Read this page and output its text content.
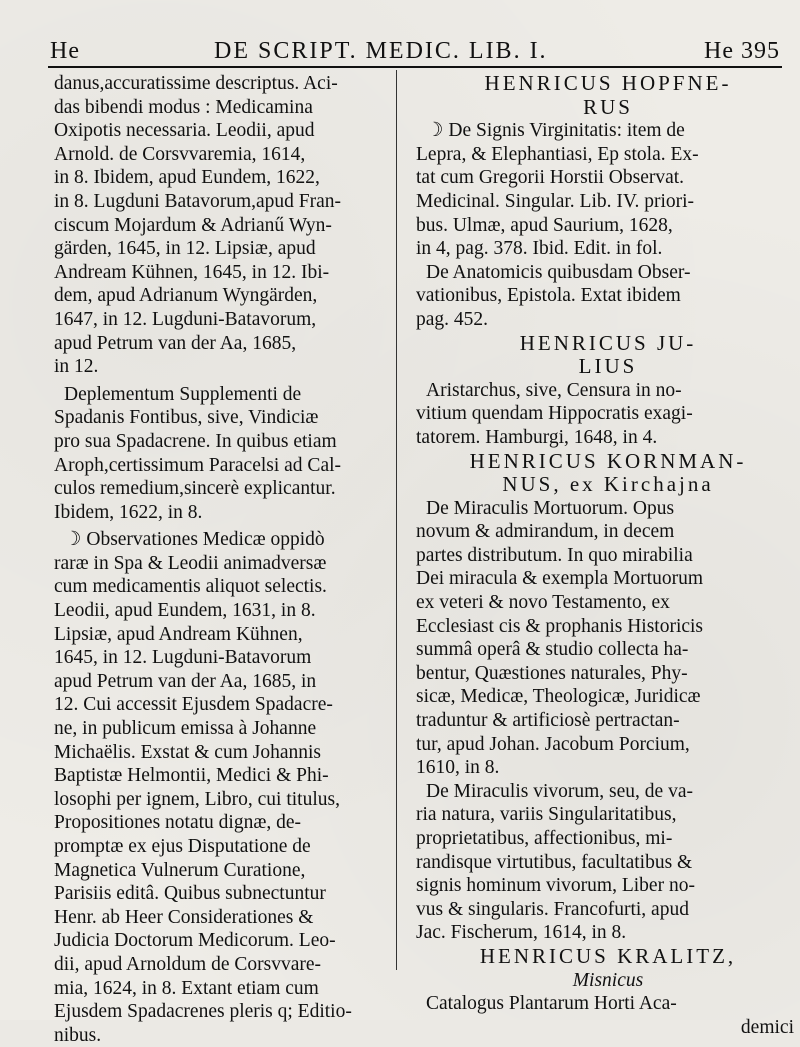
He	DE SCRIPT. MEDIC. LIB. I.	He 395
danus,accuratissime descriptus. Aci-
das bibendi modus : Medicamina
Oxipotis necessaria. Leodii, apud
Arnold. de Corsvvaremia, 1614,
in 8. Ibidem, apud Eundem, 1622,
in 8. Lugduni Batavorum,apud Fran-
ciscum Mojardum & Adrianű Wyn-
gärden, 1645, in 12. Lipsiæ, apud
Andream Kühnen, 1645, in 12. Ibi-
dem, apud Adrianum Wyngärden,
1647, in 12. Lugduni-Batavorum,
apud Petrum van der Aa, 1685,
in 12.
Deplementum Supplementi de
Spadanis Fontibus, sive, Vindiciæ
pro sua Spadacrene. In quibus etiam
Aroph,certissimum Paracelsi ad Cal-
culos remedium,sincerè explicantur.
Ibidem, 1622, in 8.
☽ Observationes Medicæ oppidò
raræ in Spa & Leodii animadversæ
cum medicamentis aliquot selectis.
Leodii, apud Eundem, 1631, in 8.
Lipsiæ, apud Andream Kühnen,
1645, in 12. Lugduni-Batavorum
apud Petrum van der Aa, 1685, in
12. Cui accessit Ejusdem Spadacre-
ne, in publicum emissa à Johanne
Michaëlis. Exstat & cum Johannis
Baptistæ Helmontii, Medici & Phi-
losophi per ignem, Libro, cui titulus,
Propositiones notatu dignæ, de-
promptæ ex ejus Disputatione de
Magnetica Vulnerum Curatione,
Parisiis editâ. Quibus subnectuntur
Henr. ab Heer Considerationes &
Judicia Doctorum Medicorum. Leo-
dii, apud Arnoldum de Corsvvare-
mia, 1624, in 8. Extant etiam cum
Ejusdem Spadacrenes pleris q; Editio-
nibus.
HENRICUS HOPFNE-
RUS
☽ De Signis Virginitatis: item de
Lepra, & Elephantiasi, Ep stola. Ex-
tat cum Gregorii Horstii Observat.
Medicinal. Singular. Lib. IV. priori-
bus. Ulmæ, apud Saurium, 1628,
in 4, pag. 378. Ibid. Edit. in fol.
De Anatomicis quibusdam Obser-
vationibus, Epistola. Extat ibidem
pag. 452.
HENRICUS JU-
LIUS
Aristarchus, sive, Censura in no-
vitium quendam Hippocratis exagi-
tatorem. Hamburgi, 1648, in 4.
HENRICUS KORNMAN-
NUS, ex Kirchajna
De Miraculis Mortuorum. Opus
novum & admirandum, in decem
partes distributum. In quo mirabilia
Dei miracula & exempla Mortuorum
ex veteri & novo Testamento, ex
Ecclesiast cis & prophanis Historicis
summâ operâ & studio collecta ha-
bentur, Quæstiones naturales, Phy-
sicæ, Medicæ, Theologicæ, Juridicæ
traduntur & artificiosè pertractan-
tur, apud Johan. Jacobum Porcium,
1610, in 8.
De Miraculis vivorum, seu, de va-
ria natura, variis Singularitatibus,
proprietatibus, affectionibus, mi-
randisque virtutibus, facultatibus &
signis hominum vivorum, Liber no-
vus & singularis. Francofurti, apud
Jac. Fischerum, 1614, in 8.
HENRICUS KRALITZ,
Misnicus
Catalogus Plantarum Horti Aca-
demici
